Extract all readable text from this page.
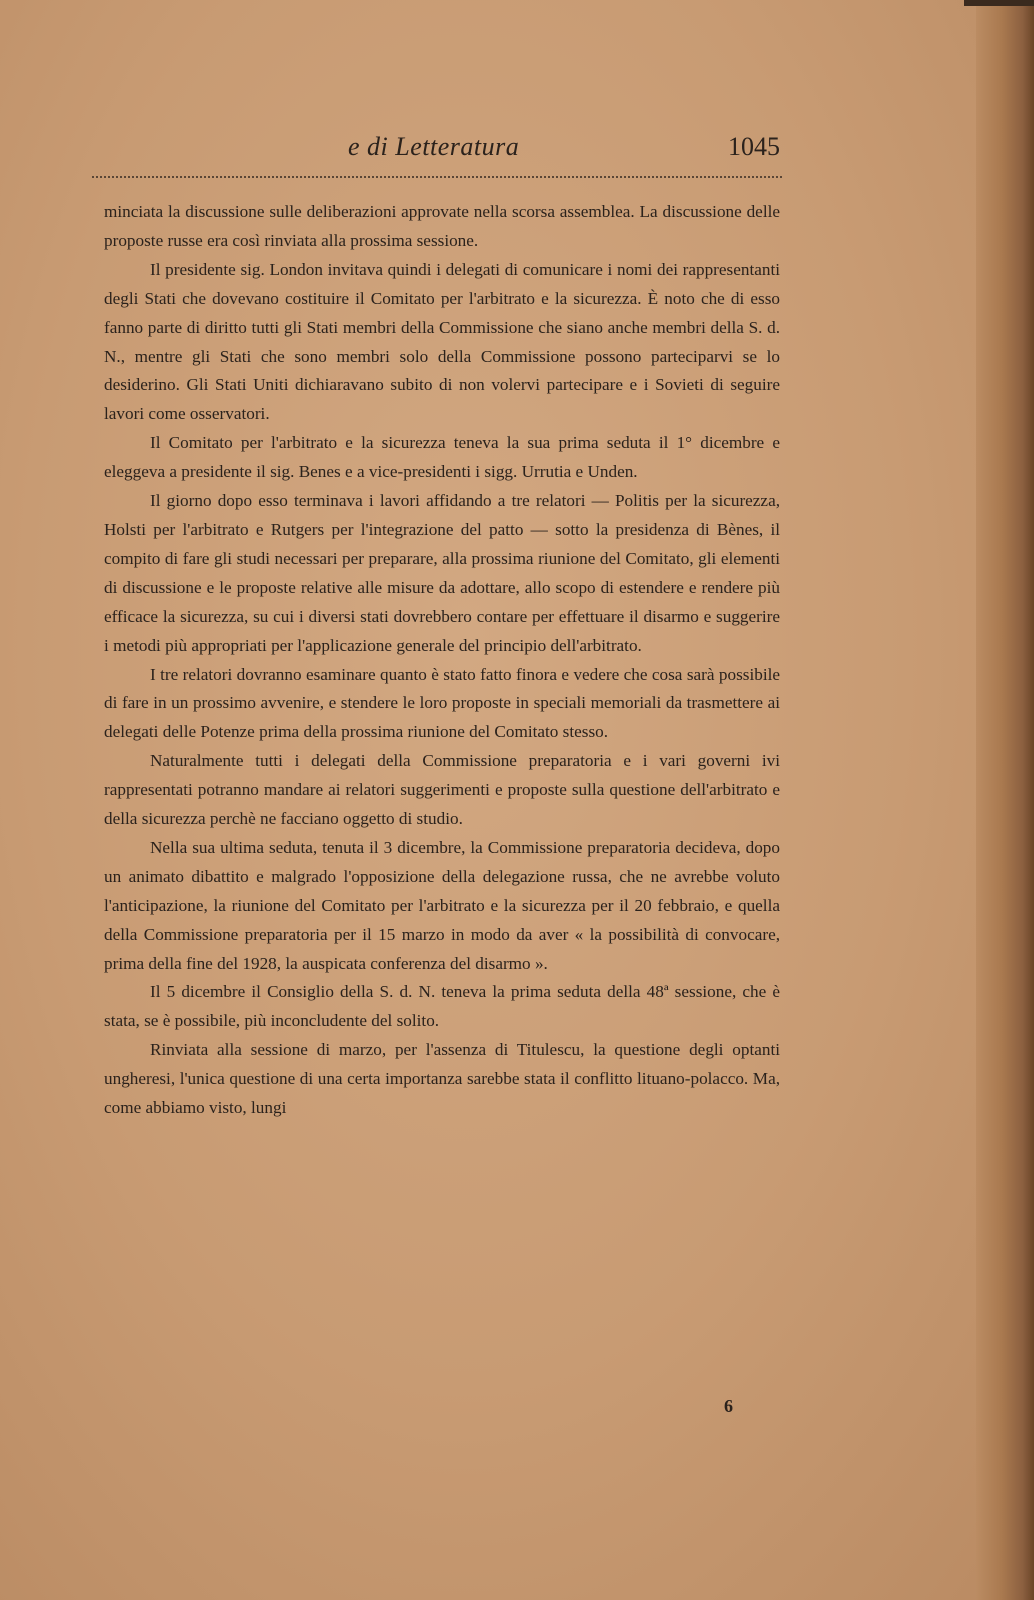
e di Letteratura	1045

minciata la discussione sulle deliberazioni approvate nella scorsa assemblea. La discussione delle proposte russe era così rinviata alla prossima sessione.

Il presidente sig. London invitava quindi i delegati di comunicare i nomi dei rappresentanti degli Stati che dovevano costituire il Comitato per l'arbitrato e la sicurezza. È noto che di esso fanno parte di diritto tutti gli Stati membri della Commissione che siano anche membri della S. d. N., mentre gli Stati che sono membri solo della Commissione possono parteciparvi se lo desiderino. Gli Stati Uniti dichiaravano subito di non volervi partecipare e i Sovieti di seguire lavori come osservatori.

Il Comitato per l'arbitrato e la sicurezza teneva la sua prima seduta il 1° dicembre e eleggeva a presidente il sig. Benes e a vice-presidenti i sigg. Urrutia e Unden.

Il giorno dopo esso terminava i lavori affidando a tre relatori — Politis per la sicurezza, Holsti per l'arbitrato e Rutgers per l'integrazione del patto — sotto la presidenza di Bènes, il compito di fare gli studi necessari per preparare, alla prossima riunione del Comitato, gli elementi di discussione e le proposte relative alle misure da adottare, allo scopo di estendere e rendere più efficace la sicurezza, su cui i diversi stati dovrebbero contare per effettuare il disarmo e suggerire i metodi più appropriati per l'applicazione generale del principio dell'arbitrato.

I tre relatori dovranno esaminare quanto è stato fatto finora e vedere che cosa sarà possibile di fare in un prossimo avvenire, e stendere le loro proposte in speciali memoriali da trasmettere ai delegati delle Potenze prima della prossima riunione del Comitato stesso.

Naturalmente tutti i delegati della Commissione preparatoria e i vari governi ivi rappresentati potranno mandare ai relatori suggerimenti e proposte sulla questione dell'arbitrato e della sicurezza perchè ne facciano oggetto di studio.

Nella sua ultima seduta, tenuta il 3 dicembre, la Commissione preparatoria decideva, dopo un animato dibattito e malgrado l'opposizione della delegazione russa, che ne avrebbe voluto l'anticipazione, la riunione del Comitato per l'arbitrato e la sicurezza per il 20 febbraio, e quella della Commissione preparatoria per il 15 marzo in modo da aver « la possibilità di convocare, prima della fine del 1928, la auspicata conferenza del disarmo ».

Il 5 dicembre il Consiglio della S. d. N. teneva la prima seduta della 48ª sessione, che è stata, se è possibile, più inconcludente del solito.

Rinviata alla sessione di marzo, per l'assenza di Titulescu, la questione degli optanti ungheresi, l'unica questione di una certa importanza sarebbe stata il conflitto lituano-polacco. Ma, come abbiamo visto, lungi

6
